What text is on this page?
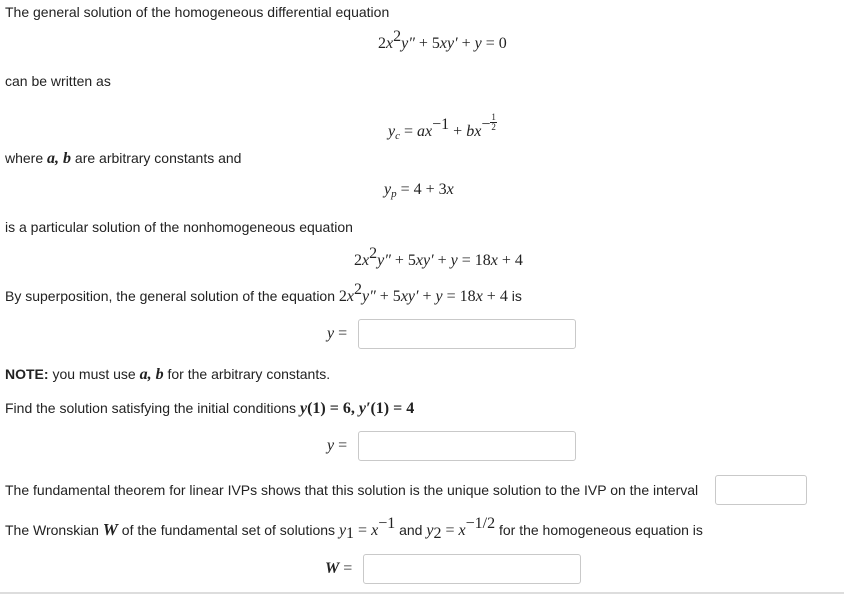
The general solution of the homogeneous differential equation
$2x^2y'' + 5xy' + y = 0$
can be written as
$y_c = ax^{-1} + bx^- \frac{1}{2}$
where a, b are arbitrary constants and
$y_p = 4 + 3x$
is a particular solution of the nonhomogeneous equation
$2x^2y'' + 5xy' + y = 18x + 4$
By superposition, the general solution of the equation $2x^2y'' + 5xy' + y = 18x + 4$ is
y =
NOTE: you must use a, b for the arbitrary constants.
Find the solution satisfying the initial conditions y(1) = 6, y′(1) = 4
y =
The fundamental theorem for linear IVPs shows that this solution is the unique solution to the IVP on the interval
The Wronskian W of the fundamental set of solutions $y_1 = x^{-1}$ and $y_2 = x^{-1/2}$ for the homogeneous equation is
W =
